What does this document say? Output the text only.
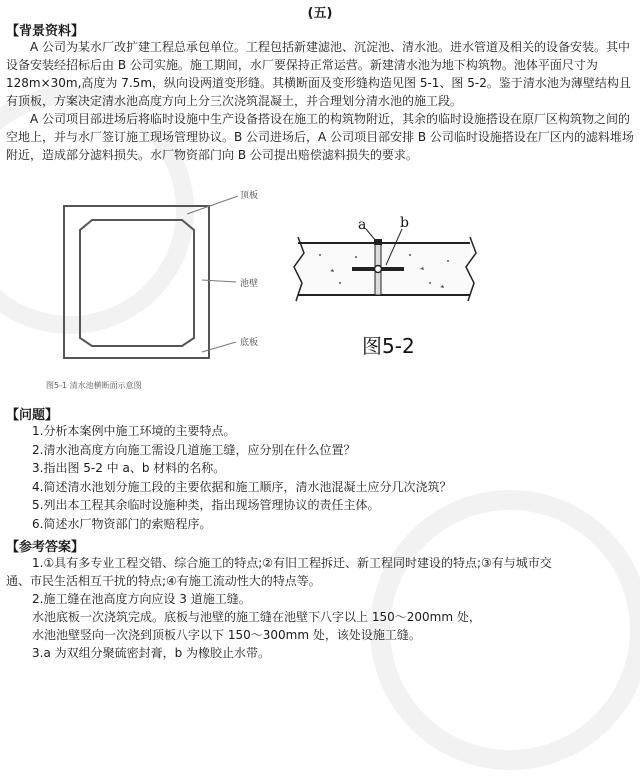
(五)
【背景资料】

A 公司为某水厂改扩建工程总承包单位。工程包括新建滤池、沉淀池、清水池。进水管道及相关的设备安装。其中设备安装经招标后由 B 公司实施。施工期间，水厂要保持正常运营。新建清水池为地下构筑物。池体平面尺寸为 128m×30m,高度为 7.5m，纵向设两道变形缝。其横断面及变形缝构造见图 5-1、图 5-2。鉴于清水池为薄壁结构且有顶板，方案决定清水池高度方向上分三次浇筑混凝土，并合理划分清水池的施工段。

A 公司项目部进场后将临时设施中生产设备搭设在施工的构筑物附近，其余的临时设施搭设在原厂区构筑物之间的空地上，并与水厂签订施工现场管理协议。B 公司进场后，A 公司项目部安排 B 公司临时设施搭设在厂区内的滤料堆场附近，造成部分滤料损失。水厂物资部门向 B 公司提出赔偿滤料损失的要求。

顶板
池壁
底板
图5-1 清水池横断面示意图
a b
图5-2
【问题】
1.分析本案例中施工环境的主要特点。
2.清水池高度方向施工需设几道施工缝，应分别在什么位置？
3.指出图 5-2 中 a、b 材料的名称。
4.简述清水池划分施工段的主要依据和施工顺序，清水池混凝土应分几次浇筑？
5.列出本工程其余临时设施种类，指出现场管理协议的责任主体。
6.简述水厂物资部门的索赔程序。
【参考答案】
1.①具有多专业工程交错、综合施工的特点;②有旧工程拆迁、新工程同时建设的特点;③有与城市交
通、市民生活相互干扰的特点;④有施工流动性大的特点等。
2.施工缝在池高度方向应设 3 道施工缝。
水池底板一次浇筑完成。底板与池壁的施工缝在池壁下八字以上 150～200mm 处，
水池池壁竖向一次浇到顶板八字以下 150～300mm 处，该处设施工缝。
3.a 为双组分聚硫密封膏，b 为橡胶止水带。
